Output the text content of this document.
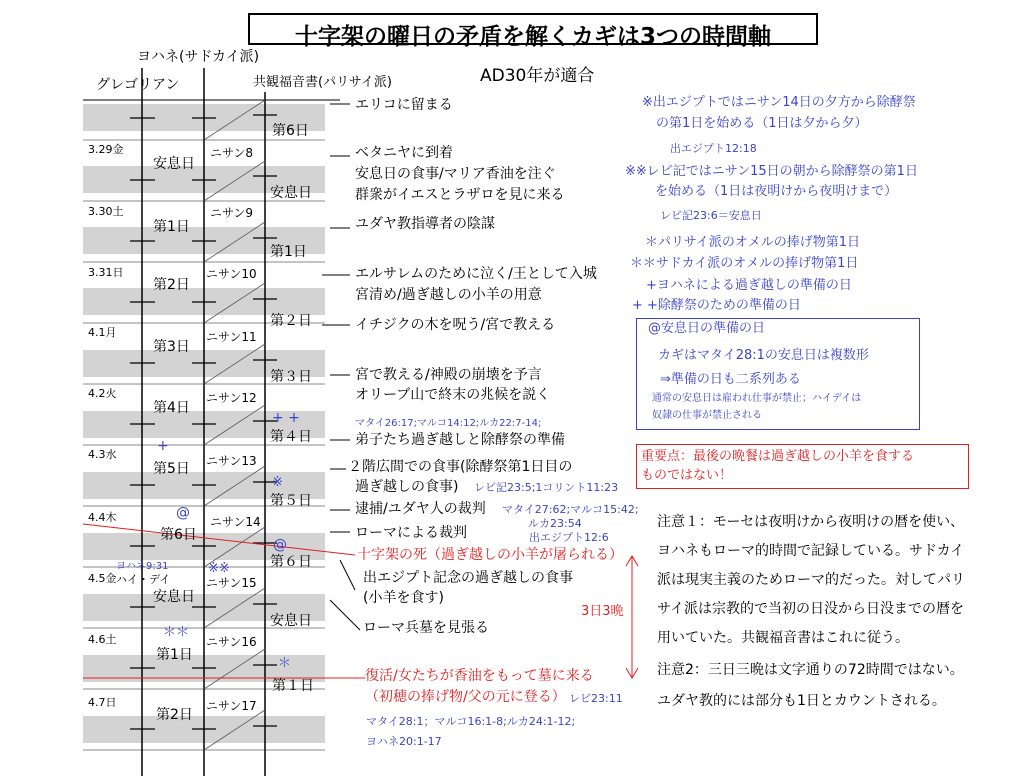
十字架の曜日の矛盾を解くカギは3つの時間軸
ヨハネ(サドカイ派)
グレゴリアン	共観福音書(パリサイ派)	AD30年が適合
3.29金
3.30土
3.31日
4.1月
4.2火
4.3水
4.4木
4.5金
4.6土
4.7日
安息日
第1日
第2日
第3日
第4日
第5日
第6日
安息日
第1日
第2日
ニサン8
ニサン9
ニサン10
ニサン11
ニサン12
ニサン13
ニサン14
ニサン15
ニサン16
ニサン17
第6日
安息日
第1日
第２日
第３日
第４日
第５日
第６日
安息日
第１日
+
@
ヨハネ9:31
ハイ・デイ
※※
＊＊
+ +
※
@
＊
エリコに留まる
ベタニヤに到着
安息日の食事/マリア香油を注ぐ
群衆がイエスとラザロを見に来る
ユダヤ教指導者の陰謀
エルサレムのために泣く/王として入城
宮清め/過ぎ越しの小羊の用意
イチジクの木を呪う/宮で教える
宮で教える/神殿の崩壊を予言
オリーブ山で終末の兆候を説く
弟子たち過ぎ越しと除酵祭の準備
２階広間での食事(除酵祭第1日目の
過ぎ越しの食事)
逮捕/ユダヤ人の裁判
ローマによる裁判
出エジプト記念の過ぎ越しの食事
(小羊を食す)
ローマ兵墓を見張る
十字架の死（過ぎ越しの小羊が屠られる）
復活/女たちが香油をもって墓に来る
（初穂の捧げ物/父の元に登る）
3日3晩
マタイ26:17;マルコ14:12;ルカ22:7-14;
レビ記23:5;1コリント11:23
マタイ27:62;マルコ15:42;
ルカ23:54
出エジプト12:6
レビ23:11
マタイ28:1；マルコ16:1-8;ルカ24:1-12;
ヨハネ20:1-17
※出エジプトではニサン14日の夕方から除酵祭
の第1日を始める（1日は夕から夕）
出エジプト12:18
※※レビ記ではニサン15日の朝から除酵祭の第1日
を始める（1日は夜明けから夜明けまで）
レビ記23:6＝安息日
＊パリサイ派のオメルの捧げ物第1日
＊＊サドカイ派のオメルの捧げ物第1日
+ヨハネによる過ぎ越しの準備の日
+ +除酵祭のための準備の日
@安息日の準備の日
カギはマタイ28:1の安息日は複数形
⇒準備の日も二系列ある
通常の安息日は雇われ仕事が禁止；ハイデイは
奴隷の仕事が禁止される
重要点：最後の晩餐は過ぎ越しの小羊を食する
ものではない！
注意１：モーセは夜明けから夜明けの暦を使い、
ヨハネもローマ的時間で記録している。サドカイ
派は現実主義のためローマ的だった。対してパリ
サイ派は宗教的で当初の日没から日没までの暦を
用いていた。共観福音書はこれに従う。
注意2：三日三晩は文字通りの72時間ではない。
ユダヤ教的には部分も1日とカウントされる。
